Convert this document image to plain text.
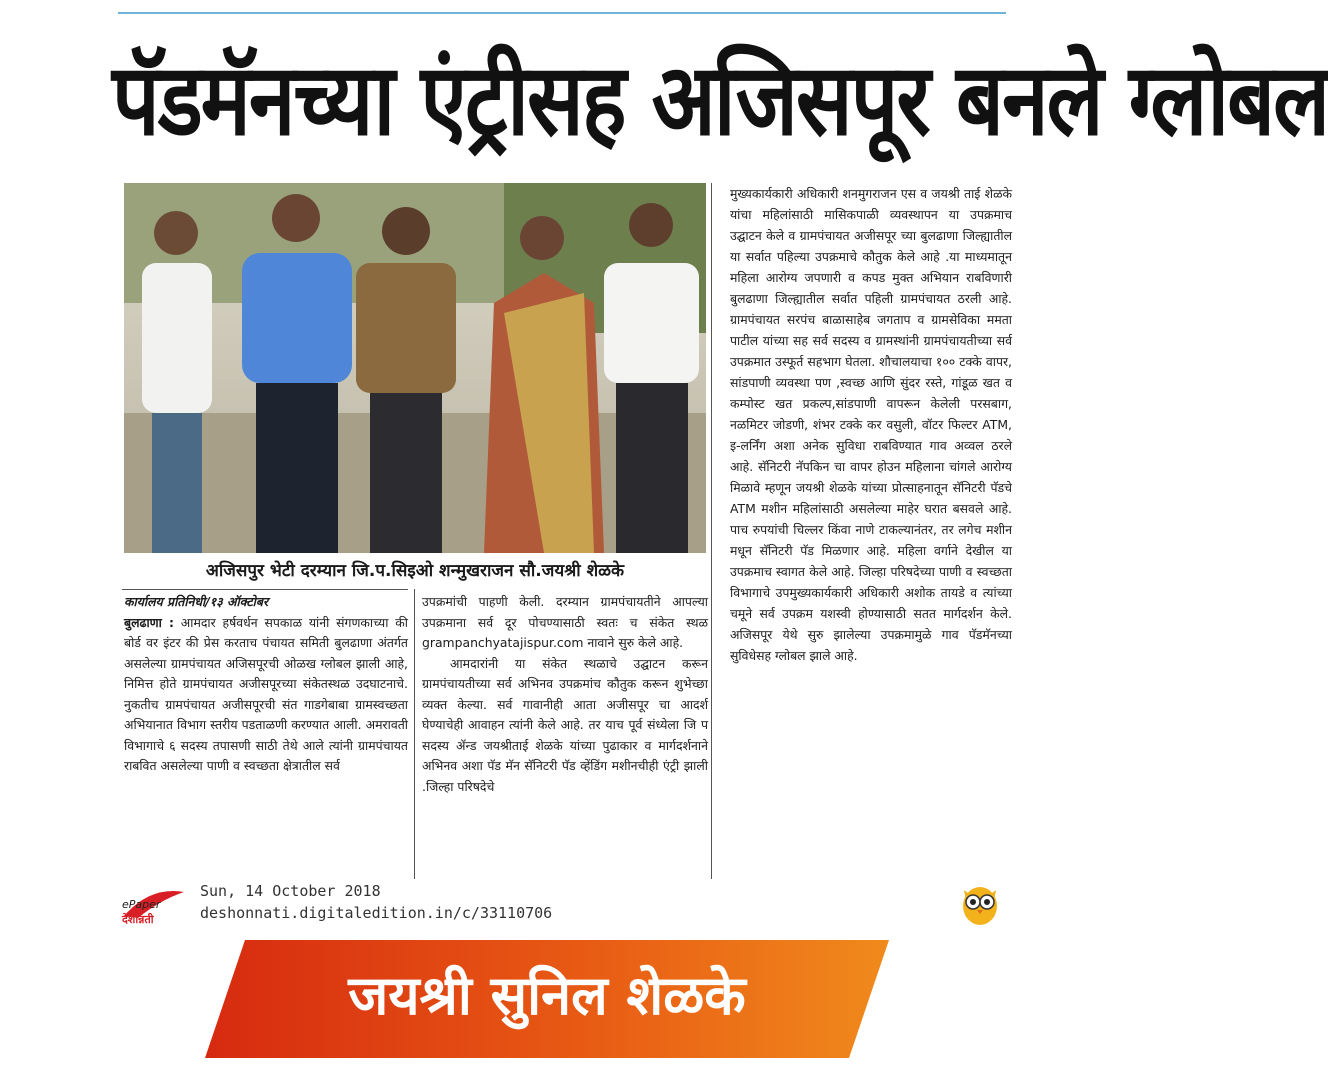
पॅडमॅनच्या एंट्रीसह अजिसपूर बनले ग्लोबल
अजिसपुर भेटी दरम्यान जि.प.सिइओ शन्मुखराजन सौ.जयश्री शेळके

कार्यालय प्रतिनिधी/१३ ऑक्टोबर

बुलढाणा : आमदार हर्षवर्धन सपकाळ यांनी संगणकाच्या की बोर्ड वर इंटर की प्रेस करताच पंचायत समिती बुलढाणा अंतर्गत असलेल्या ग्रामपंचायत अजिसपूरची ओळख ग्लोबल झाली आहे, निमित्त होते ग्रामपंचायत अजीसपूरच्या संकेतस्थळ उदघाटनाचे. नुकतीच ग्रामपंचायत अजीसपूरची संत गाडगेबाबा ग्रामस्वच्छता अभियानात विभाग स्तरीय पडताळणी करण्यात आली. अमरावती विभागाचे ६ सदस्य तपासणी साठी तेथे आले त्यांनी ग्रामपंचायत राबवित असलेल्या पाणी व स्वच्छता क्षेत्रातील सर्व

उपक्रमांची पाहणी केली. दरम्यान ग्रामपंचायतीने आपल्या उपक्रमाना सर्व दूर पोचण्यासाठी स्वतः च संकेत स्थळ grampanchyatajispur.com नावाने सुरु केले आहे.

आमदारांनी या संकेत स्थळाचे उद्घाटन करून ग्रामपंचायतीच्या सर्व अभिनव उपक्रमांच कौतुक करून शुभेच्छा व्यक्त केल्या. सर्व गावानीही आता अजीसपूर चा आदर्श घेण्याचेही आवाहन त्यांनी केले आहे. तर याच पूर्व संध्येला जि प सदस्य ॲन्ड जयश्रीताई शेळके यांच्या पुढाकार व मार्गदर्शनाने अभिनव अशा पॅड मॅन सॅनिटरी पॅड व्हेंडिंग मशीनचीही एंट्री झाली .जिल्हा परिषदेचे

मुख्यकार्यकारी अधिकारी शनमुगराजन एस व जयश्री ताई शेळके यांचा महिलांसाठी मासिकपाळी व्यवस्थापन या उपक्रमाच उद्घाटन केले व ग्रामपंचायत अजीसपूर च्या बुलढाणा जिल्ह्यातील या सर्वात पहिल्या उपक्रमाचे कौतुक केले आहे .या माध्यमातून महिला आरोग्य जपणारी व कपड मुक्त अभियान राबविणारी बुलढाणा जिल्ह्यातील सर्वात पहिली ग्रामपंचायत ठरली आहे. ग्रामपंचायत सरपंच बाळासाहेब जगताप व ग्रामसेविका ममता पाटील यांच्या सह सर्व सदस्य व ग्रामस्थांनी ग्रामपंचायतीच्या सर्व उपक्रमात उस्फूर्त सहभाग घेतला. शौचालयाचा १०० टक्के वापर, सांडपाणी व्यवस्था पण ,स्वच्छ आणि सुंदर रस्ते, गांडूळ खत व कम्पोस्ट खत प्रकल्प,सांडपाणी वापरून केलेली परसबाग, नळमिटर जोडणी, शंभर टक्के कर वसुली, वॉटर फिल्टर ATM, इ-लर्निंग अशा अनेक सुविधा राबविण्यात गाव अव्वल ठरले आहे. सॅनिटरी नॅपकिन चा वापर होउन महिलाना चांगले आरोग्य मिळावे म्हणून जयश्री शेळके यांच्या प्रोत्साहनातून सॅनिटरी पॅडचे ATM मशीन महिलांसाठी असलेल्या माहेर घरात बसवले आहे. पाच रुपयांची चिल्लर किंवा नाणे टाकल्यानंतर, तर लगेच मशीन मधून सॅनिटरी पॅड मिळणार आहे. महिला वर्गाने देखील या उपक्रमाच स्वागत केले आहे. जिल्हा परिषदेच्या पाणी व स्वच्छता विभागाचे उपमुख्यकार्यकारी अधिकारी अशोक तायडे व त्यांच्या चमूने सर्व उपक्रम यशस्वी होण्यासाठी सतत मार्गदर्शन केले. अजिसपूर येथे सुरु झालेल्या उपक्रमामुळे गाव पॅडमॅनच्या सुविधेसह ग्लोबल झाले आहे.

ePaper
देशोन्नती
Sun, 14 October 2018
deshonnati.digitaledition.in/c/33110706
जयश्री सुनिल शेळके
